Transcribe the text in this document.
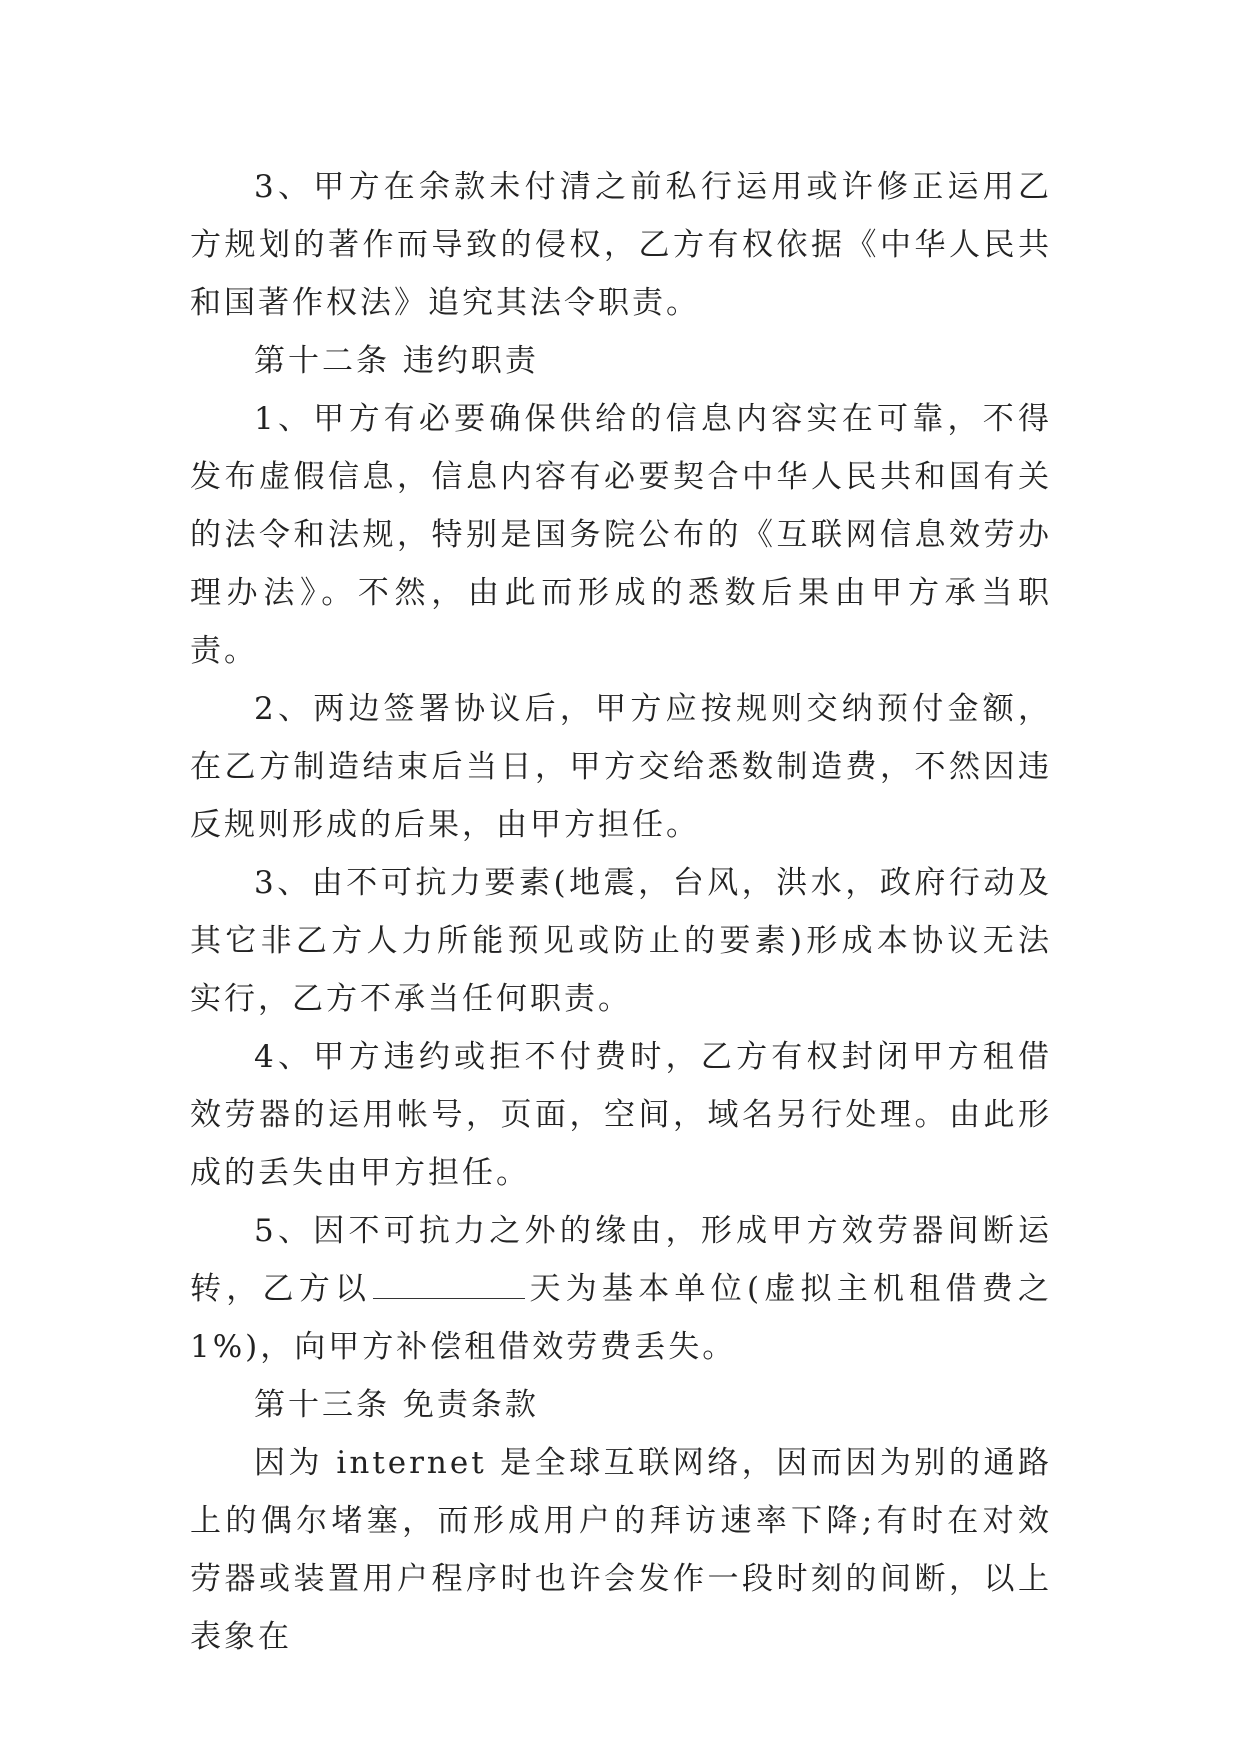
3、甲方在余款未付清之前私行运用或许修正运用乙方规划的著作而导致的侵权，乙方有权依据《中华人民共和国著作权法》追究其法令职责。

第十二条 违约职责

1、甲方有必要确保供给的信息内容实在可靠，不得发布虚假信息，信息内容有必要契合中华人民共和国有关的法令和法规，特别是国务院公布的《互联网信息效劳办理办法》。不然，由此而形成的悉数后果由甲方承当职责。

2、两边签署协议后，甲方应按规则交纳预付金额，在乙方制造结束后当日，甲方交给悉数制造费，不然因违反规则形成的后果，由甲方担任。

3、由不可抗力要素(地震，台风，洪水，政府行动及其它非乙方人力所能预见或防止的要素)形成本协议无法实行，乙方不承当任何职责。

4、甲方违约或拒不付费时，乙方有权封闭甲方租借效劳器的运用帐号，页面，空间，域名另行处理。由此形成的丢失由甲方担任。

5、因不可抗力之外的缘由，形成甲方效劳器间断运转，乙方以	天为基本单位(虚拟主机租借费之 1%)，向甲方补偿租借效劳费丢失。

第十三条 免责条款

因为 internet 是全球互联网络，因而因为别的通路上的偶尔堵塞，而形成用户的拜访速率下降;有时在对效劳器或装置用户程序时也许会发作一段时刻的间断，以上表象在
